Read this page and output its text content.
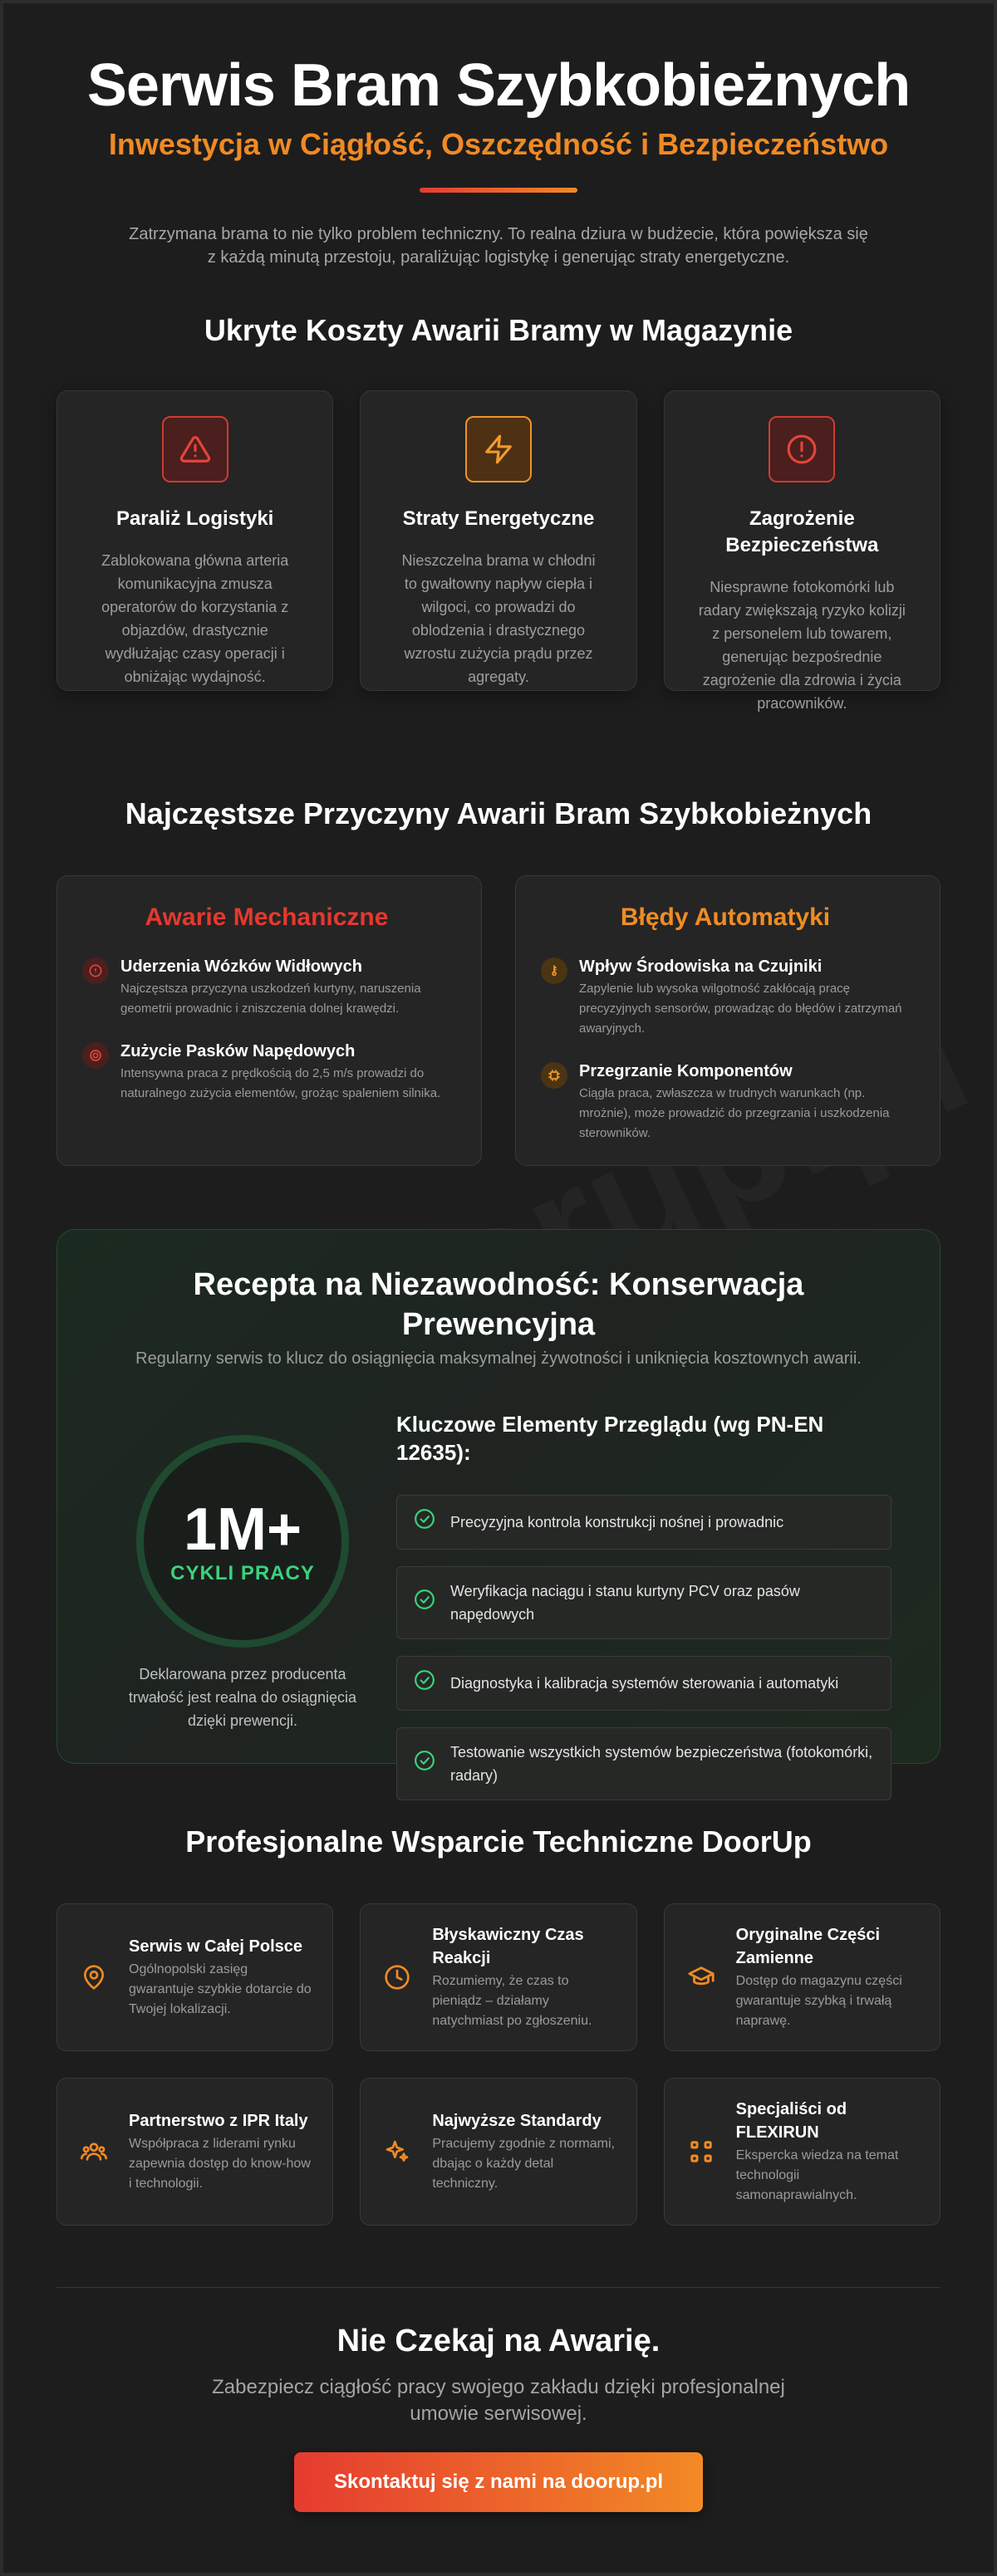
Serwis Bram Szybkobieżnych
Inwestycja w Ciągłość, Oszczędność i Bezpieczeństwo

Zatrzymana brama to nie tylko problem techniczny. To realna dziura w budżecie, która powiększa się z każdą minutą przestoju, paraliżując logistykę i generując straty energetyczne.

Ukryte Koszty Awarii Bramy w Magazynie
Paraliż Logistyki

Zablokowana główna arteria komunikacyjna zmusza operatorów do korzystania z objazdów, drastycznie wydłużając czasy operacji i obniżając wydajność.

Straty Energetyczne

Nieszczelna brama w chłodni to gwałtowny napływ ciepła i wilgoci, co prowadzi do oblodzenia i drastycznego wzrostu zużycia prądu przez agregaty.

Zagrożenie Bezpieczeństwa

Niesprawne fotokomórki lub radary zwiększają ryzyko kolizji z personelem lub towarem, generując bezpośrednie zagrożenie dla zdrowia i życia pracowników.

Najczęstsze Przyczyny Awarii Bram Szybkobieżnych
Awarie Mechaniczne
Uderzenia Wózków Widłowych

Najczęstsza przyczyna uszkodzeń kurtyny, naruszenia geometrii prowadnic i zniszczenia dolnej krawędzi.

Zużycie Pasków Napędowych

Intensywna praca z prędkością do 2,5 m/s prowadzi do naturalnego zużycia elementów, grożąc spaleniem silnika.

Błędy Automatyki
Wpływ Środowiska na Czujniki

Zapylenie lub wysoka wilgotność zakłócają pracę precyzyjnych sensorów, prowadząc do błędów i zatrzymań awaryjnych.

Przegrzanie Komponentów

Ciągła praca, zwłaszcza w trudnych warunkach (np. mrożnie), może prowadzić do przegrzania i uszkodzenia sterowników.

Recepta na Niezawodność: Konserwacja Prewencyjna
Regularny serwis to klucz do osiągnięcia maksymalnej żywotności i uniknięcia kosztownych awarii.
1M+
CYKLI PRACY

Deklarowana przez producenta trwałość jest realna do osiągnięcia dzięki prewencji.

Kluczowe Elementy Przeglądu (wg PN-EN 12635):
Precyzyjna kontrola konstrukcji nośnej i prowadnic
Weryfikacja naciągu i stanu kurtyny PCV oraz pasów napędowych
Diagnostyka i kalibracja systemów sterowania i automatyki
Testowanie wszystkich systemów bezpieczeństwa (fotokomórki, radary)
Profesjonalne Wsparcie Techniczne DoorUp
Serwis w Całej Polsce

Ogólnopolski zasięg gwarantuje szybkie dotarcie do Twojej lokalizacji.

Błyskawiczny Czas Reakcji

Rozumiemy, że czas to pieniądz – działamy natychmiast po zgłoszeniu.

Oryginalne Części Zamienne

Dostęp do magazynu części gwarantuje szybką i trwałą naprawę.

Partnerstwo z IPR Italy

Współpraca z liderami rynku zapewnia dostęp do know-how i technologii.

Najwyższe Standardy

Pracujemy zgodnie z normami, dbając o każdy detal techniczny.

Specjaliści od FLEXIRUN

Ekspercka wiedza na temat technologii samonaprawialnych.

Nie Czekaj na Awarię.

Zabezpiecz ciągłość pracy swojego zakładu dzięki profesjonalnej umowie serwisowej.

Skontaktuj się z nami na doorup.pl
